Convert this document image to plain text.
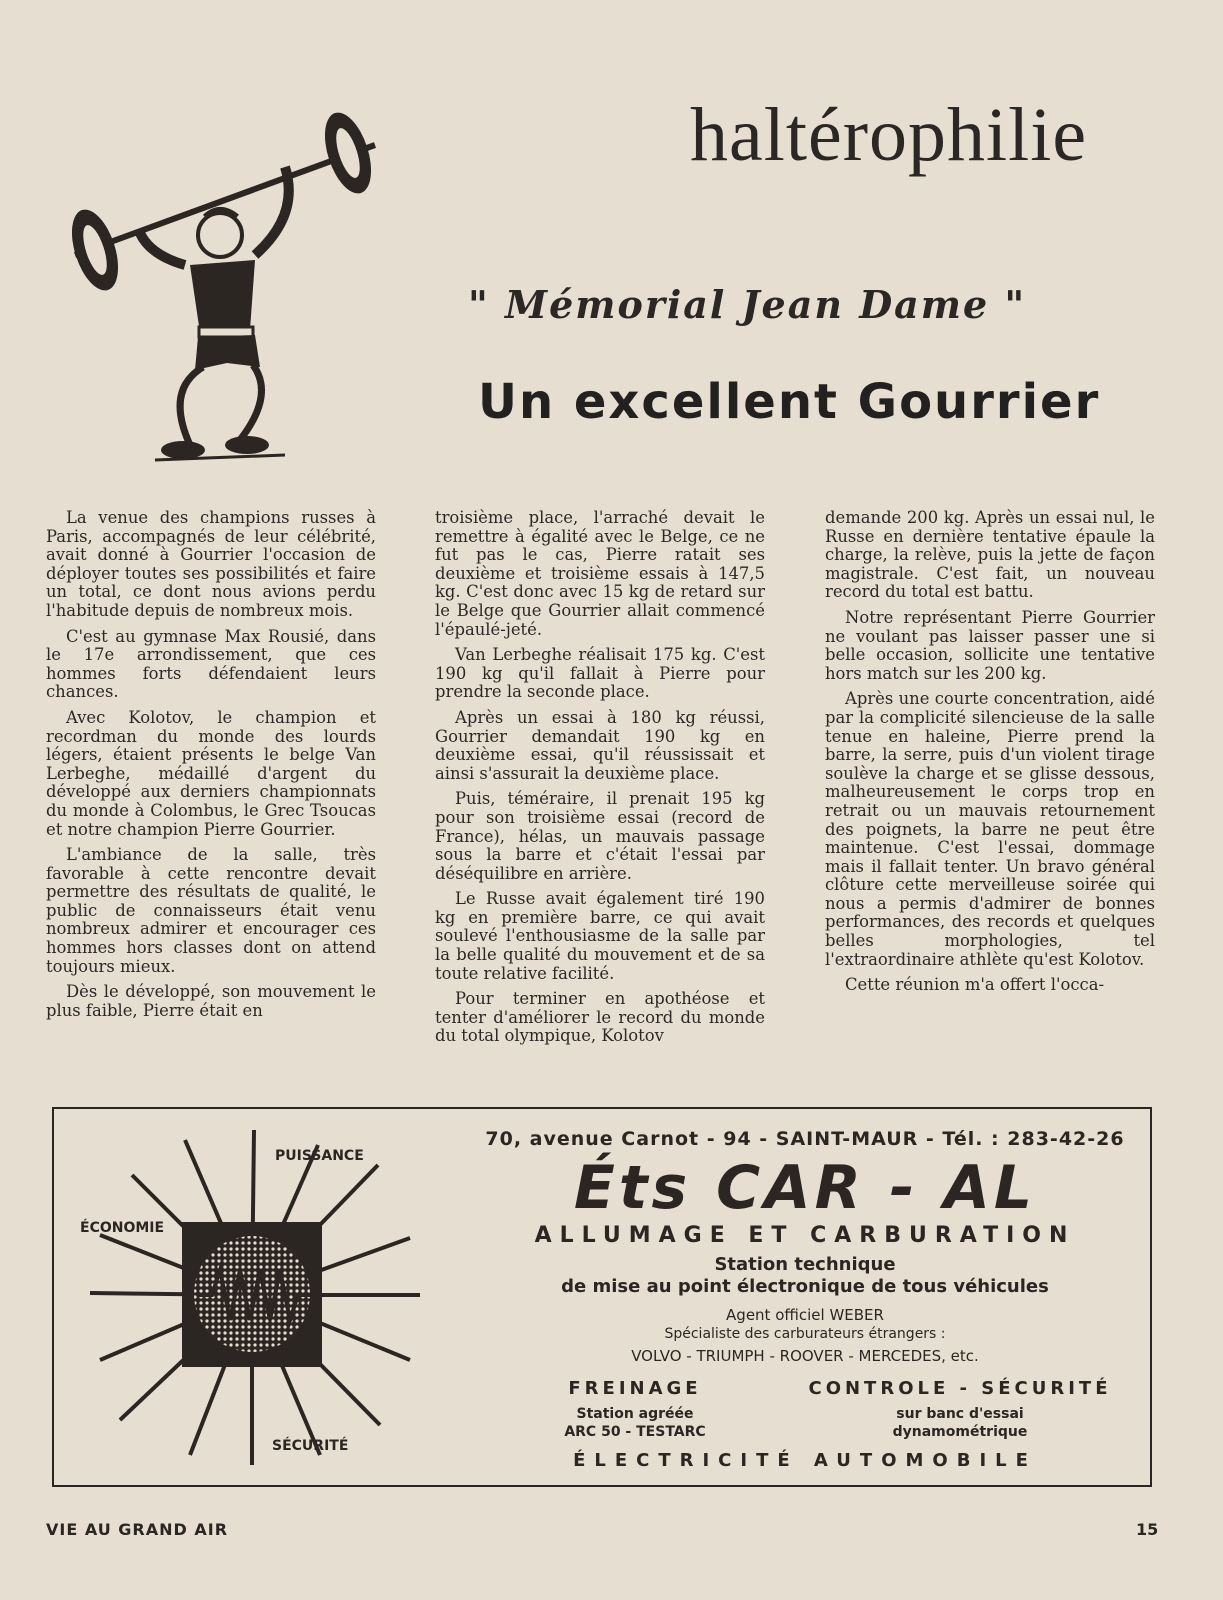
haltérophilie
" Mémorial Jean Dame "
Un excellent Gourrier

La venue des champions russes à Paris, accompagnés de leur célébrité, avait donné à Gourrier l'occasion de déployer toutes ses possibilités et faire un total, ce dont nous avions perdu l'habitude depuis de nombreux mois.

C'est au gymnase Max Rousié, dans le 17e arrondissement, que ces hommes forts défendaient leurs chances.

Avec Kolotov, le champion et recordman du monde des lourds légers, étaient présents le belge Van Lerbeghe, médaillé d'argent du développé aux derniers championnats du monde à Colombus, le Grec Tsoucas et notre champion Pierre Gourrier.

L'ambiance de la salle, très favorable à cette rencontre devait permettre des résultats de qualité, le public de connaisseurs était venu nombreux admirer et encourager ces hommes hors classes dont on attend toujours mieux.

Dès le développé, son mouvement le plus faible, Pierre était en

troisième place, l'arraché devait le remettre à égalité avec le Belge, ce ne fut pas le cas, Pierre ratait ses deuxième et troisième essais à 147,5 kg. C'est donc avec 15 kg de retard sur le Belge que Gourrier allait commencé l'épaulé-jeté.

Van Lerbeghe réalisait 175 kg. C'est 190 kg qu'il fallait à Pierre pour prendre la seconde place.

Après un essai à 180 kg réussi, Gourrier demandait 190 kg en deuxième essai, qu'il réussissait et ainsi s'assurait la deuxième place.

Puis, téméraire, il prenait 195 kg pour son troisième essai (record de France), hélas, un mauvais passage sous la barre et c'était l'essai par déséquilibre en arrière.

Le Russe avait également tiré 190 kg en première barre, ce qui avait soulevé l'enthousiasme de la salle par la belle qualité du mouvement et de sa toute relative facilité.

Pour terminer en apothéose et tenter d'améliorer le record du monde du total olympique, Kolotov

demande 200 kg. Après un essai nul, le Russe en dernière tentative épaule la charge, la relève, puis la jette de façon magistrale. C'est fait, un nouveau record du total est battu.

Notre représentant Pierre Gourrier ne voulant pas laisser passer une si belle occasion, sollicite une tentative hors match sur les 200 kg.

Après une courte concentration, aidé par la complicité silencieuse de la salle tenue en haleine, Pierre prend la barre, la serre, puis d'un violent tirage soulève la charge et se glisse dessous, malheureusement le corps trop en retrait ou un mauvais retournement des poignets, la barre ne peut être maintenue. C'est l'essai, dommage mais il fallait tenter. Un bravo général clôture cette merveilleuse soirée qui nous a permis d'admirer de bonnes performances, des records et quelques belles morphologies, tel l'extraordinaire athlète qu'est Kolotov.

Cette réunion m'a offert l'occa-

PUISSANCE
ÉCONOMIE
SÉCURITÉ
70, avenue Carnot - 94 - SAINT-MAUR - Tél. : 283-42-26
Éts CAR - AL
ALLUMAGE ET CARBURATION
Station technique
de mise au point électronique de tous véhicules
Agent officiel WEBER
Spécialiste des carburateurs étrangers :
VOLVO - TRIUMPH - ROOVER - MERCEDES, etc.
FREINAGE
Station agréée
ARC 50 - TESTARC
CONTROLE - SÉCURITÉ
sur banc d'essai
dynamométrique
ÉLECTRICITÉ AUTOMOBILE
VIE AU GRAND AIR	15
